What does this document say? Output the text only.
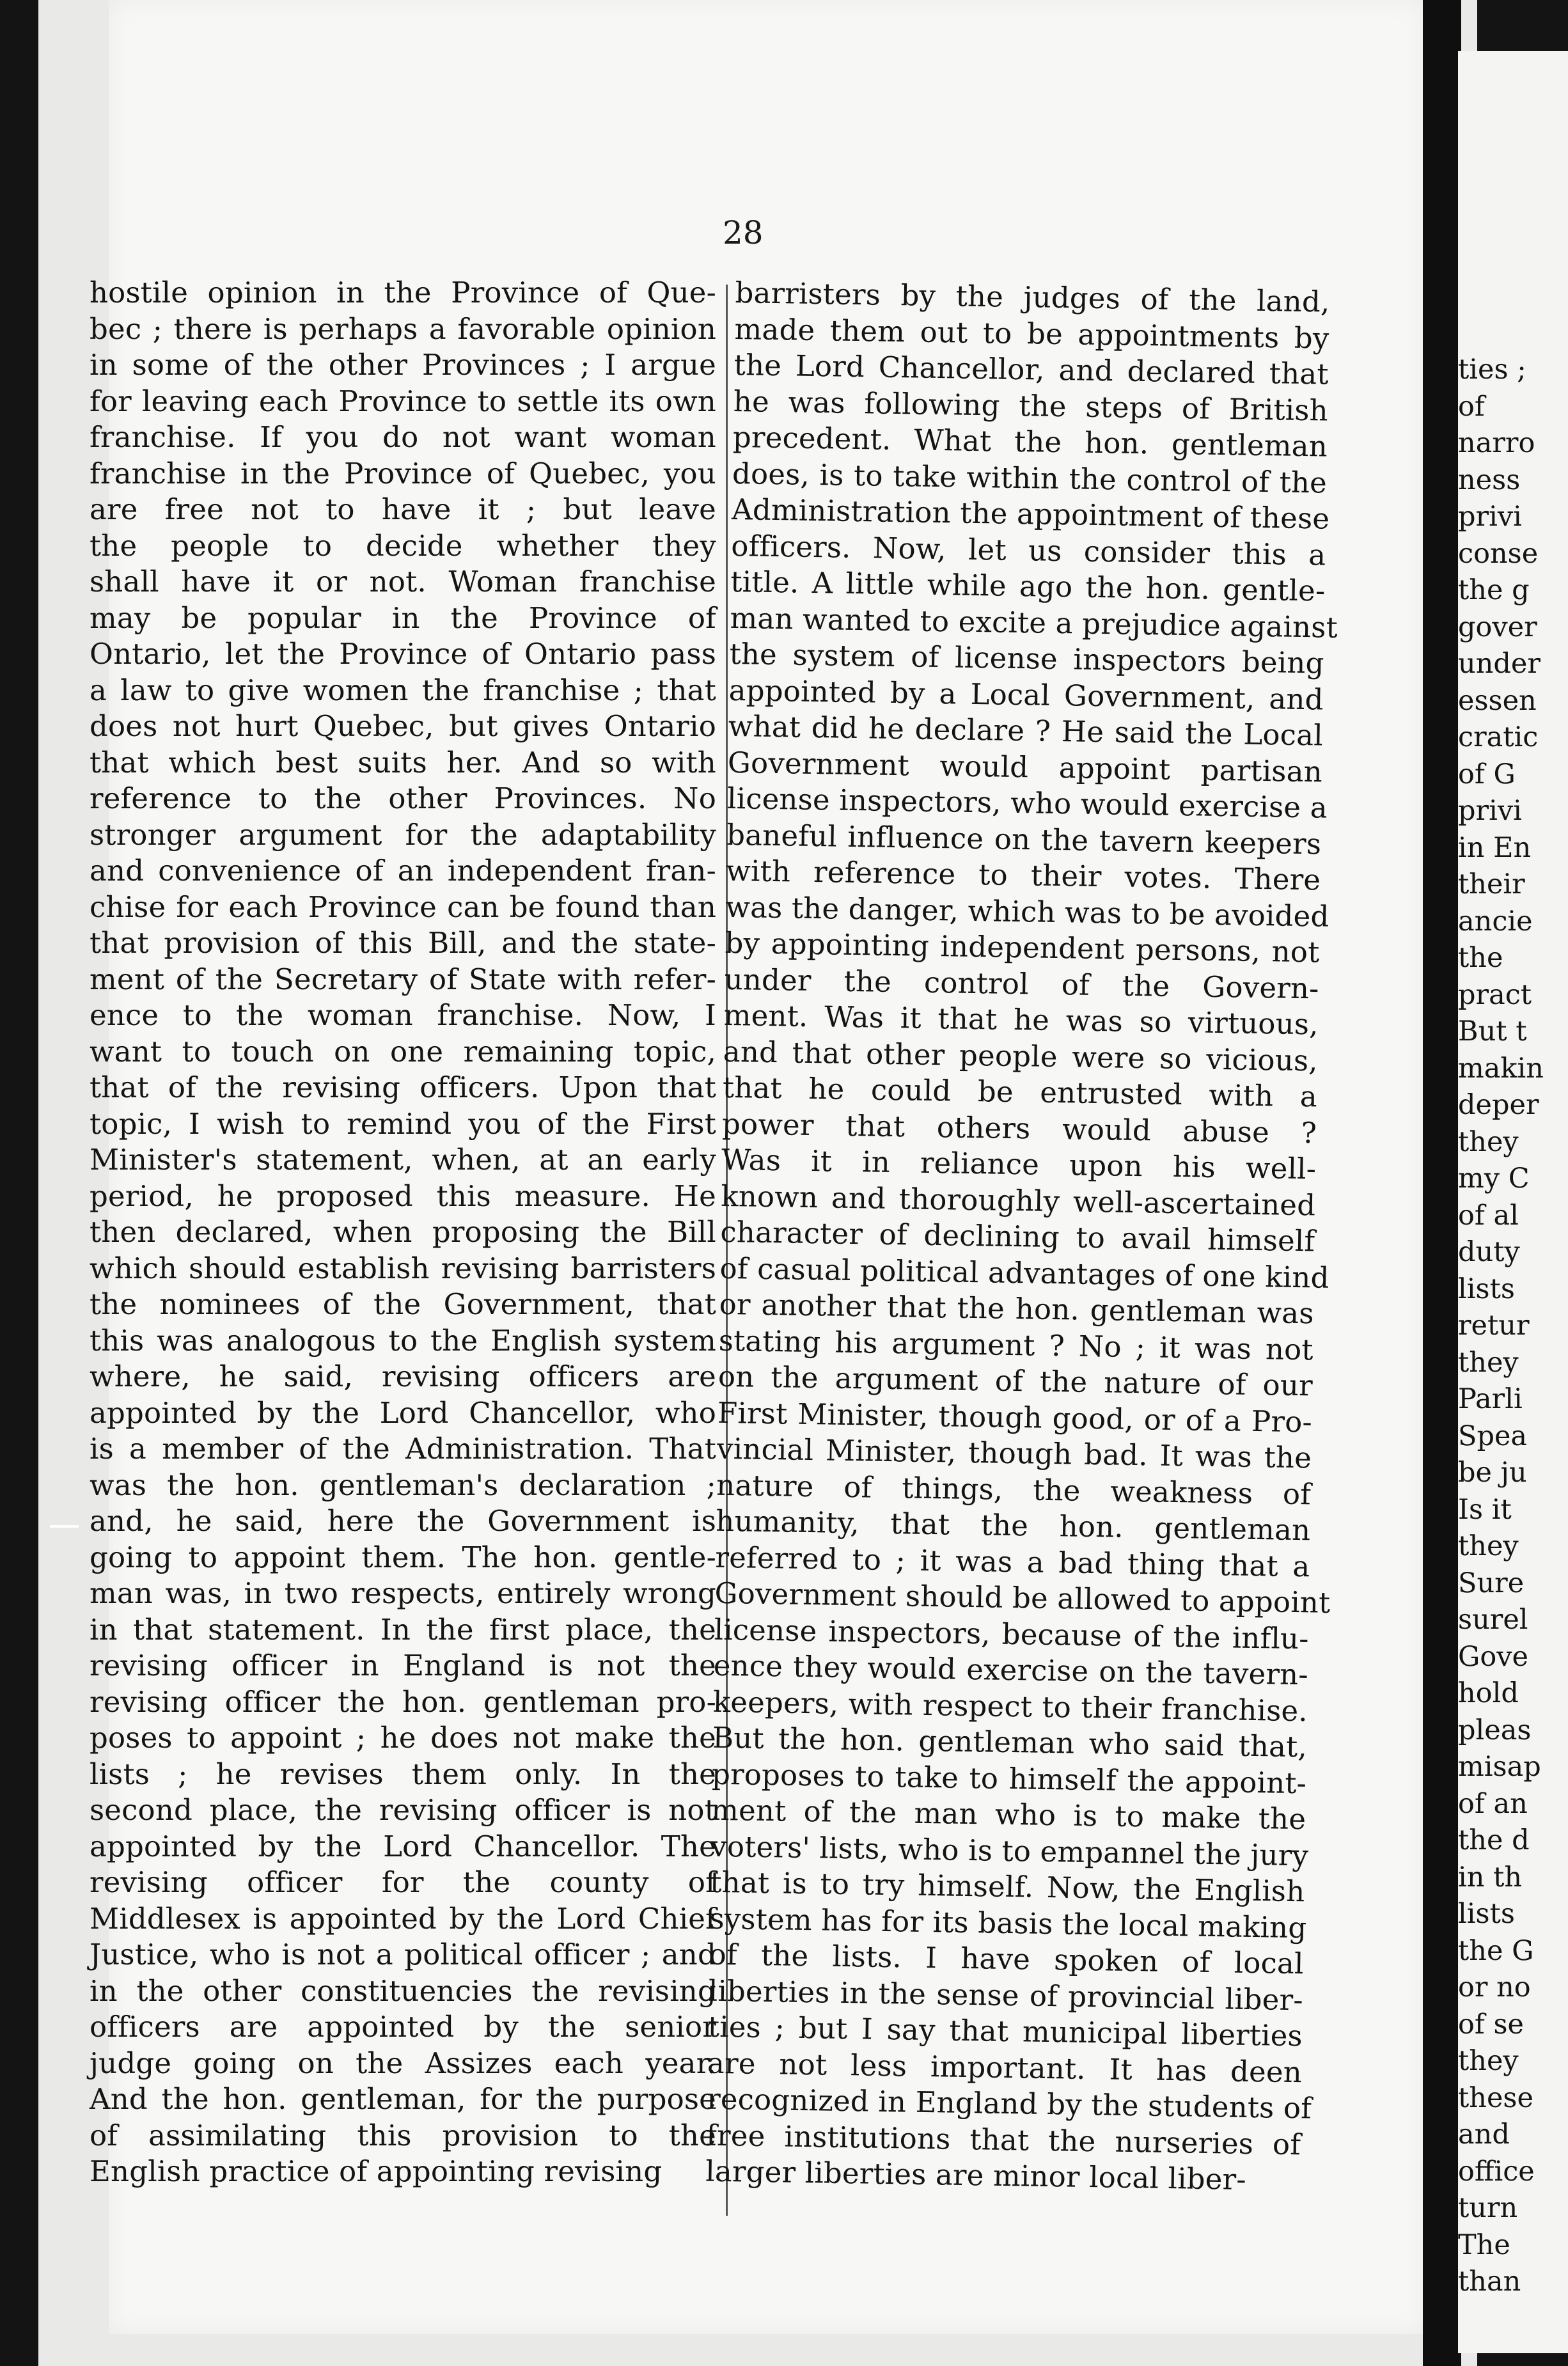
ties ;
of
narro
ness
privi
conse
the g
gover
under
essen
cratic
of G
privi
in En
their
ancie
the
pract
But t
makin
deper
they
my C
of al
duty
lists
retur
they
Parli
Spea
be ju
Is it
they
Sure
surel
Gove
hold
pleas
misap
of an
the d
in th
lists
the G
or no
of se
they
these
and
office
turn
The
than
28
hostile opinion in the Province of Que-
bec ; there is perhaps a favorable opinion
in some of the other Provinces ; I argue
for leaving each Province to settle its own
franchise. If you do not want woman
franchise in the Province of Quebec, you
are free not to have it ; but leave
the people to decide whether they
shall have it or not. Woman franchise
may be popular in the Province of
Ontario, let the Province of Ontario pass
a law to give women the franchise ; that
does not hurt Quebec, but gives Ontario
that which best suits her. And so with
reference to the other Provinces. No
stronger argument for the adaptability
and convenience of an independent fran-
chise for each Province can be found than
that provision of this Bill, and the state-
ment of the Secretary of State with refer-
ence to the woman franchise. Now, I
want to touch on one remaining topic,
that of the revising officers. Upon that
topic, I wish to remind you of the First
Minister's statement, when, at an early
period, he proposed this measure. He
then declared, when proposing the Bill
which should establish revising barristers
the nominees of the Government, that
this was analogous to the English system
where, he said, revising officers are
appointed by the Lord Chancellor, who
is a member of the Administration. That
was the hon. gentleman's declaration ;
and, he said, here the Government is
going to appoint them. The hon. gentle-
man was, in two respects, entirely wrong
in that statement. In the first place, the
revising officer in England is not the
revising officer the hon. gentleman pro-
poses to appoint ; he does not make the
lists ; he revises them only. In the
second place, the revising officer is not
appointed by the Lord Chancellor. The
revising officer for the county of
Middlesex is appointed by the Lord Chief
Justice, who is not a political officer ; and
in the other constituencies the revising
officers are appointed by the senior
judge going on the Assizes each year.
And the hon. gentleman, for the purpose
of assimilating this provision to the
English practice of appointing revising
barristers by the judges of the land,
made them out to be appointments by
the Lord Chancellor, and declared that
he was following the steps of British
precedent. What the hon. gentleman
does, is to take within the control of the
Administration the appointment of these
officers. Now, let us consider this a
title. A little while ago the hon. gentle-
man wanted to excite a prejudice against
the system of license inspectors being
appointed by a Local Government, and
what did he declare ? He said the Local
Government would appoint partisan
license inspectors, who would exercise a
baneful influence on the tavern keepers
with reference to their votes. There
was the danger, which was to be avoided
by appointing independent persons, not
under the control of the Govern-
ment. Was it that he was so virtuous,
and that other people were so vicious,
that he could be entrusted with a
power that others would abuse ?
Was it in reliance upon his well-
known and thoroughly well-ascertained
character of declining to avail himself
of casual political advantages of one kind
or another that the hon. gentleman was
stating his argument ? No ; it was not
on the argument of the nature of our
First Minister, though good, or of a Pro-
vincial Minister, though bad. It was the
nature of things, the weakness of
humanity, that the hon. gentleman
referred to ; it was a bad thing that a
Government should be allowed to appoint
license inspectors, because of the influ-
ence they would exercise on the tavern-
keepers, with respect to their franchise.
But the hon. gentleman who said that,
proposes to take to himself the appoint-
ment of the man who is to make the
voters' lists, who is to empannel the jury
that is to try himself. Now, the English
system has for its basis the local making
of the lists. I have spoken of local
liberties in the sense of provincial liber-
ties ; but I say that municipal liberties
are not less important. It has deen
recognized in England by the students of
free institutions that the nurseries of
larger liberties are minor local liber-
